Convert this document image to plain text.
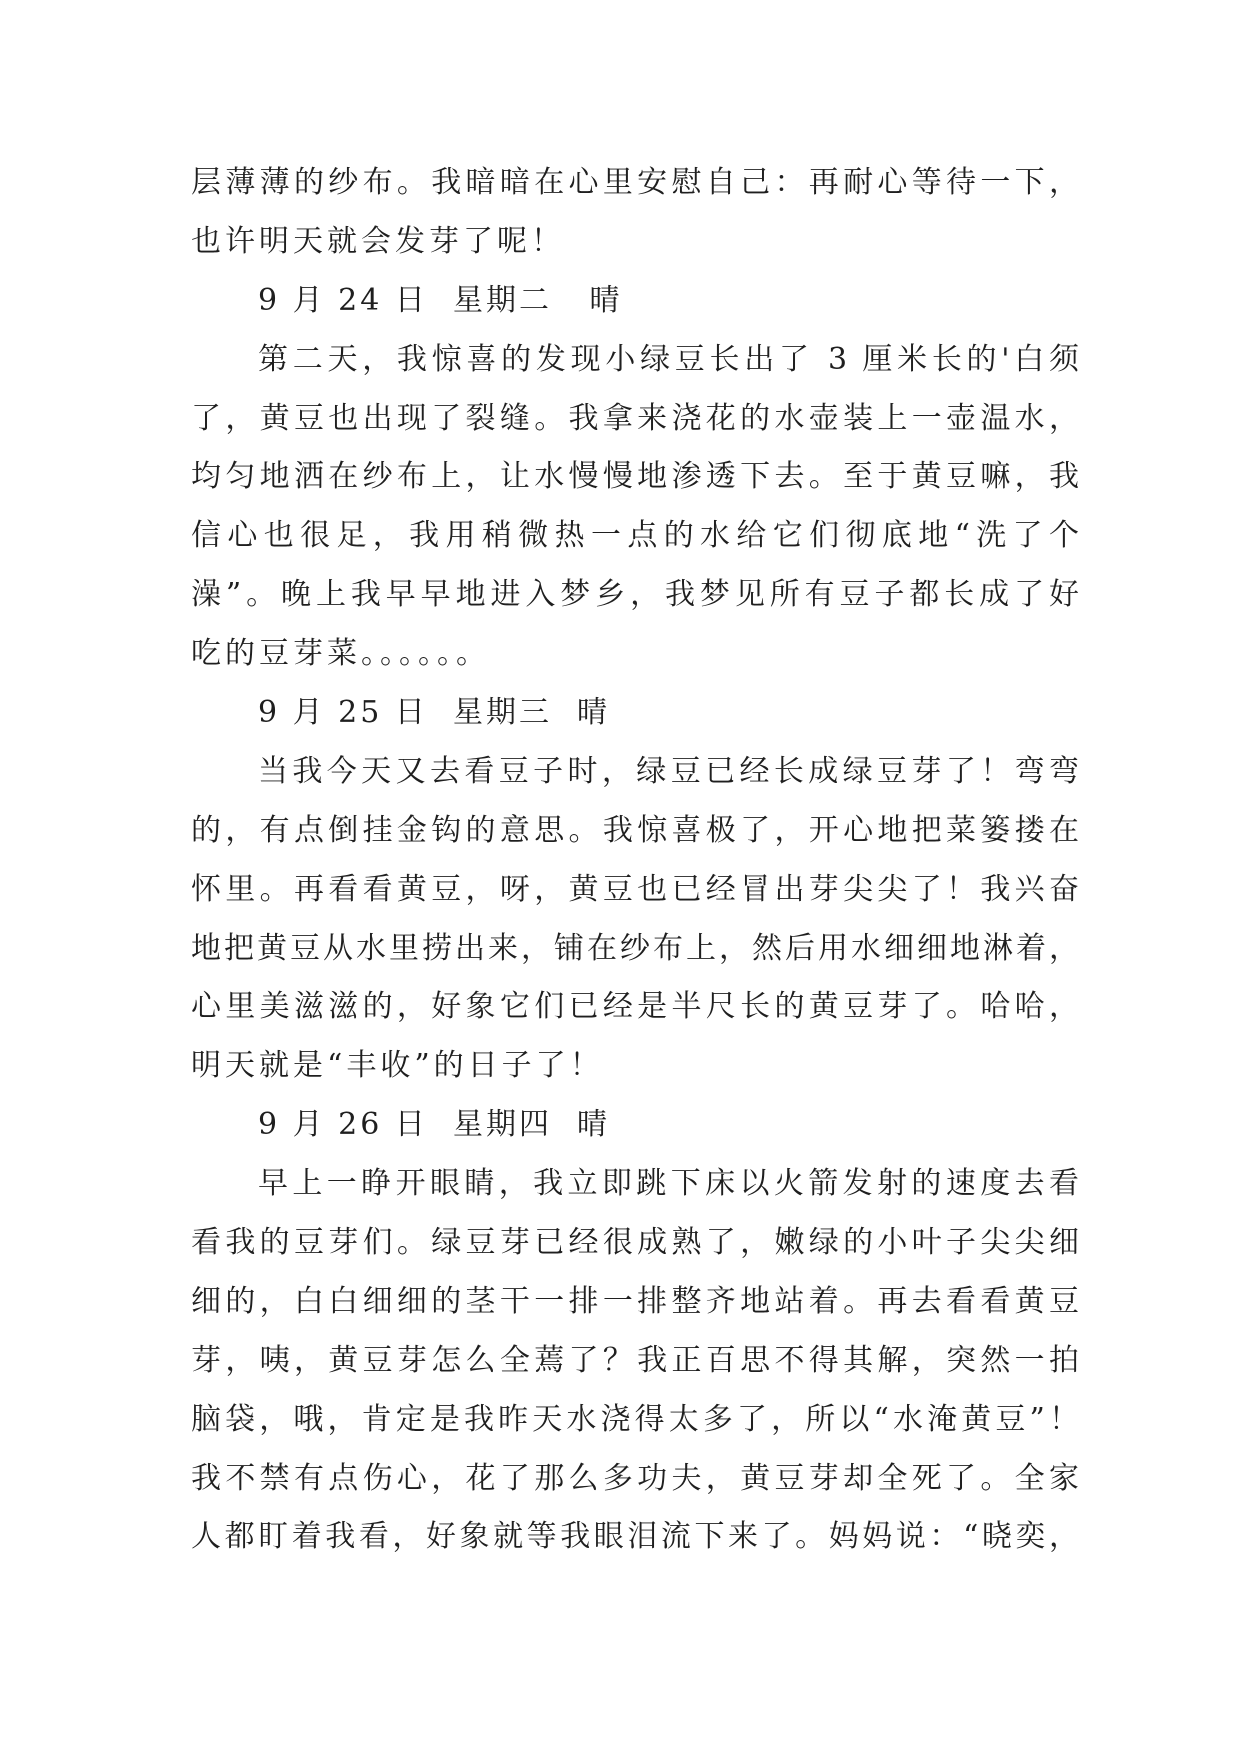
层薄薄的纱布。我暗暗在心里安慰自己：再耐心等待一下，
也许明天就会发芽了呢！
9 月 24 日  星期二   晴
第二天，我惊喜的发现小绿豆长出了 3 厘米长的'白须
了，黄豆也出现了裂缝。我拿来浇花的水壶装上一壶温水，
均匀地洒在纱布上，让水慢慢地渗透下去。至于黄豆嘛，我
信心也很足，我用稍微热一点的水给它们彻底地“洗了个
澡”。晚上我早早地进入梦乡，我梦见所有豆子都长成了好
吃的豆芽菜。。。。。。
9 月 25 日  星期三  晴
当我今天又去看豆子时，绿豆已经长成绿豆芽了！弯弯
的，有点倒挂金钩的意思。我惊喜极了，开心地把菜篓搂在
怀里。再看看黄豆，呀，黄豆也已经冒出芽尖尖了！我兴奋
地把黄豆从水里捞出来，铺在纱布上，然后用水细细地淋着，
心里美滋滋的，好象它们已经是半尺长的黄豆芽了。哈哈，
明天就是“丰收”的日子了！
9 月 26 日  星期四  晴
早上一睁开眼睛，我立即跳下床以火箭发射的速度去看
看我的豆芽们。绿豆芽已经很成熟了，嫩绿的小叶子尖尖细
细的，白白细细的茎干一排一排整齐地站着。再去看看黄豆
芽，咦，黄豆芽怎么全蔫了？我正百思不得其解，突然一拍
脑袋，哦，肯定是我昨天水浇得太多了，所以“水淹黄豆”！
我不禁有点伤心，花了那么多功夫，黄豆芽却全死了。全家
人都盯着我看，好象就等我眼泪流下来了。妈妈说：“晓奕，
